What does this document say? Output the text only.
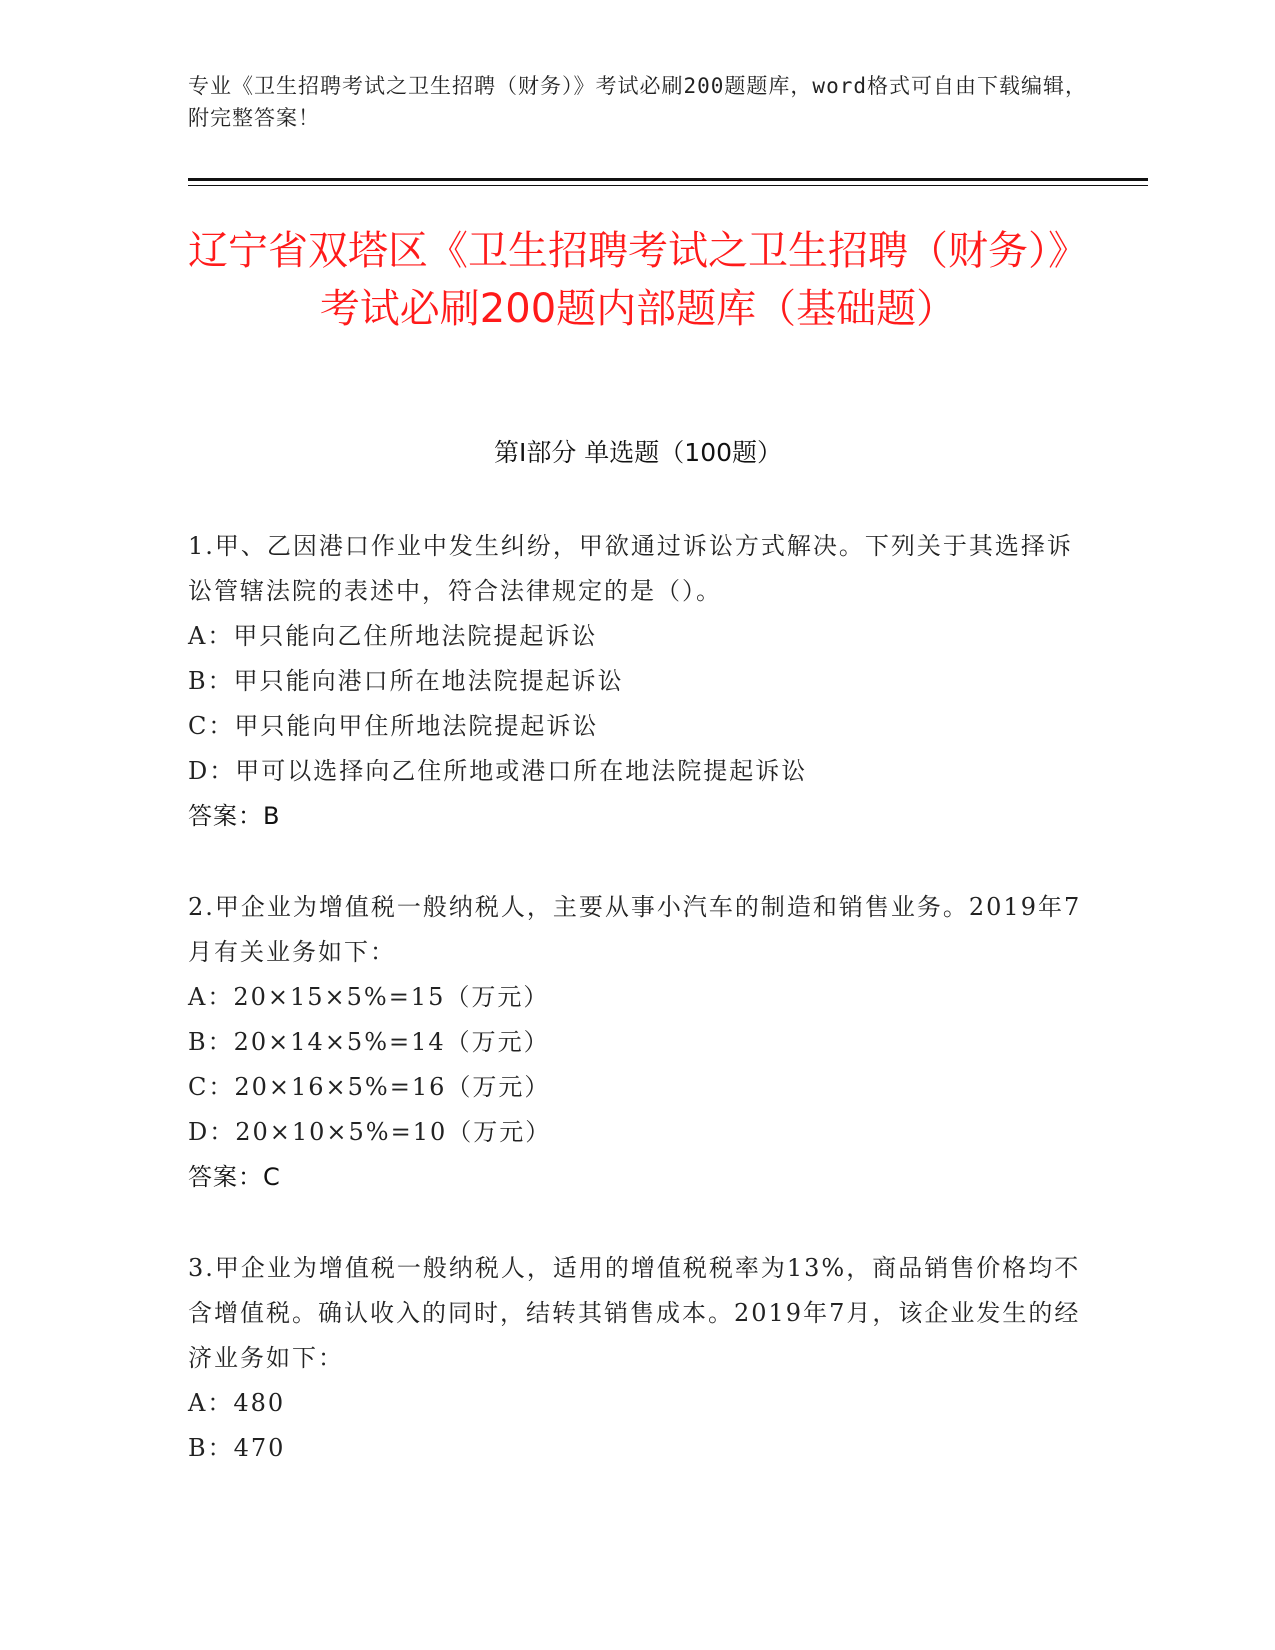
专业《卫生招聘考试之卫生招聘（财务）》考试必刷200题题库，word格式可自由下载编辑，附完整答案！
辽宁省双塔区《卫生招聘考试之卫生招聘（财务）》考试必刷200题内部题库（基础题）
第I部分 单选题（100题）

1.甲、乙因港口作业中发生纠纷，甲欲通过诉讼方式解决。下列关于其选择诉讼管辖法院的表述中，符合法律规定的是（）。

A：甲只能向乙住所地法院提起诉讼

B：甲只能向港口所在地法院提起诉讼

C：甲只能向甲住所地法院提起诉讼

D：甲可以选择向乙住所地或港口所在地法院提起诉讼

答案：B

2.甲企业为增值税一般纳税人，主要从事小汽车的制造和销售业务。2019年7月有关业务如下：

A：20×15×5%=15（万元）

B：20×14×5%=14（万元）

C：20×16×5%=16（万元）

D：20×10×5%=10（万元）

答案：C

3.甲企业为增值税一般纳税人，适用的增值税税率为13%，商品销售价格均不含增值税。确认收入的同时，结转其销售成本。2019年7月，该企业发生的经济业务如下：

A：480

B：470
